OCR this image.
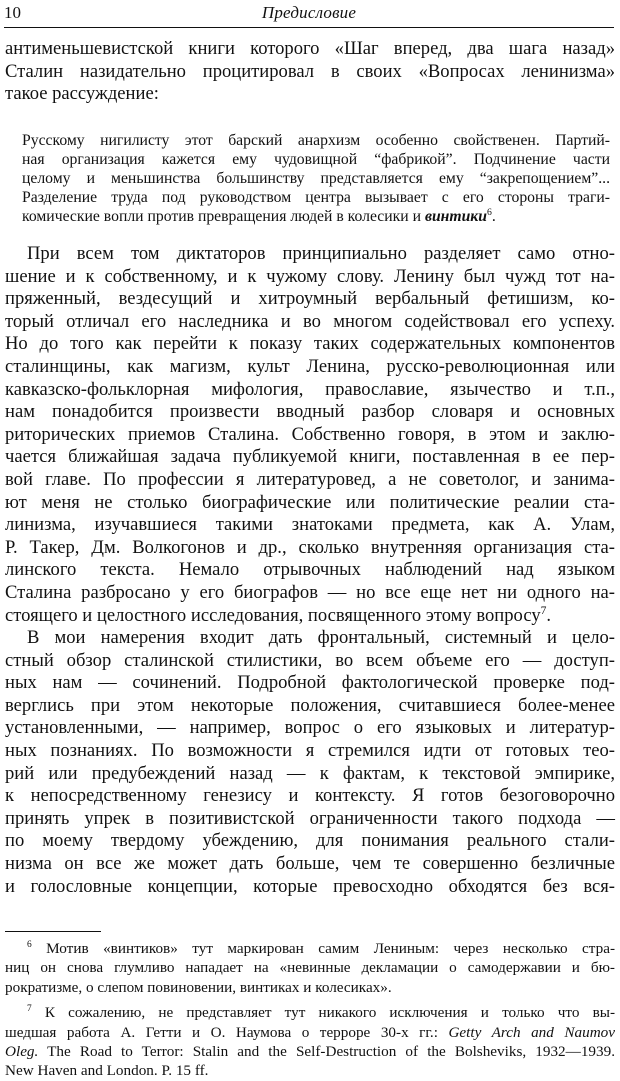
10	Предисловие
антименьшевистской книги которого «Шаг вперед, два шага назад»
Сталин назидательно процитировал в своих «Вопросах ленинизма»
такое рассуждение:
Русскому нигилисту этот барский анархизм особенно свойственен. Партий-
ная организация кажется ему чудовищной “фабрикой”. Подчинение части
целому и меньшинства большинству представляется ему “закрепощением”...
Разделение труда под руководством центра вызывает с его стороны траги-
комические вопли против превращения людей в колесики и винтики$^6$.
При всем том диктаторов принципиально разделяет само отно-
шение и к собственному, и к чужому слову. Ленину был чужд тот на-
пряженный, вездесущий и хитроумный вербальный фетишизм, ко-
торый отличал его наследника и во многом содействовал его успеху.
Но до того как перейти к показу таких содержательных компонентов
сталинщины, как магизм, культ Ленина, русско-революционная или
кавказско-фольклорная мифология, православие, язычество и т.п.,
нам понадобится произвести вводный разбор словаря и основных
риторических приемов Сталина. Собственно говоря, в этом и заклю-
чается ближайшая задача публикуемой книги, поставленная в ее пер-
вой главе. По профессии я литературовед, а не советолог, и занима-
ют меня не столько биографические или политические реалии ста-
линизма, изучавшиеся такими знатоками предмета, как А. Улам,
Р. Такер, Дм. Волкогонов и др., сколько внутренняя организация ста-
линского текста. Немало отрывочных наблюдений над языком
Сталина разбросано у его биографов — но все еще нет ни одного на-
стоящего и целостного исследования, посвященного этому вопросу$^7$.
В мои намерения входит дать фронтальный, системный и цело-
стный обзор сталинской стилистики, во всем объеме его — доступ-
ных нам — сочинений. Подробной фактологической проверке под-
верглись при этом некоторые положения, считавшиеся более-менее
установленными, — например, вопрос о его языковых и литератур-
ных познаниях. По возможности я стремился идти от готовых тео-
рий или предубеждений назад — к фактам, к текстовой эмпирике,
к непосредственному генезису и контексту. Я готов безоговорочно
принять упрек в позитивистской ограниченности такого подхода —
по моему твердому убеждению, для понимания реального стали-
низма он все же может дать больше, чем те совершенно безличные
и голословные концепции, которые превосходно обходятся без вся-
$^6$ Мотив «винтиков» тут маркирован самим Лениным: через несколько стра-
ниц он снова глумливо нападает на «невинные декламации о самодержавии и бю-
рократизме, о слепом повиновении, винтиках и колесиках».
$^7$ К сожалению, не представляет тут никакого исключения и только что вы-
шедшая работа А. Гетти и О. Наумова о терроре 30-х гг.: Getty Arch and Naumov
Oleg. The Road to Terror: Stalin and the Self-Destruction of the Bolsheviks, 1932—1939.
New Haven and London. P. 15 ff.
